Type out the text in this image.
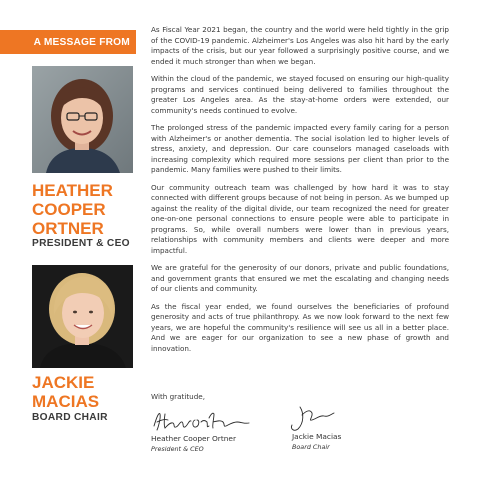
A MESSAGE FROM
HEATHER
COOPER
ORTNER
PRESIDENT & CEO
JACKIE
MACIAS
BOARD CHAIR

As Fiscal Year 2021 began, the country and the world were held tightly in the grip of the COVID-19 pandemic. Alzheimer's Los Angeles was also hit hard by the early impacts of the crisis, but our year followed a surprisingly positive course, and we ended it much stronger than when we began.

Within the cloud of the pandemic, we stayed focused on ensuring our high-quality programs and services continued being delivered to families throughout the greater Los Angeles area. As the stay-at-home orders were extended, our community's needs continued to evolve.

The prolonged stress of the pandemic impacted every family caring for a person with Alzheimer's or another dementia. The social isolation led to higher levels of stress, anxiety, and depression. Our care counselors managed caseloads with increasing complexity which required more sessions per client than prior to the pandemic. Many families were pushed to their limits.

Our community outreach team was challenged by how hard it was to stay connected with different groups because of not being in person. As we bumped up against the reality of the digital divide, our team recognized the need for greater one-on-one personal connections to ensure people were able to participate in programs. So, while overall numbers were lower than in previous years, relationships with community members and clients were deeper and more impactful.

We are grateful for the generosity of our donors, private and public foundations, and government grants that ensured we met the escalating and changing needs of our clients and community.

As the fiscal year ended, we found ourselves the beneficiaries of profound generosity and acts of true philanthropy. As we now look forward to the next few years, we are hopeful the community's resilience will see us all in a better place. And we are eager for our organization to see a new phase of growth and innovation.

With gratitude,

Heather Cooper Ortner

President & CEO

Jackie Macias

Board Chair
